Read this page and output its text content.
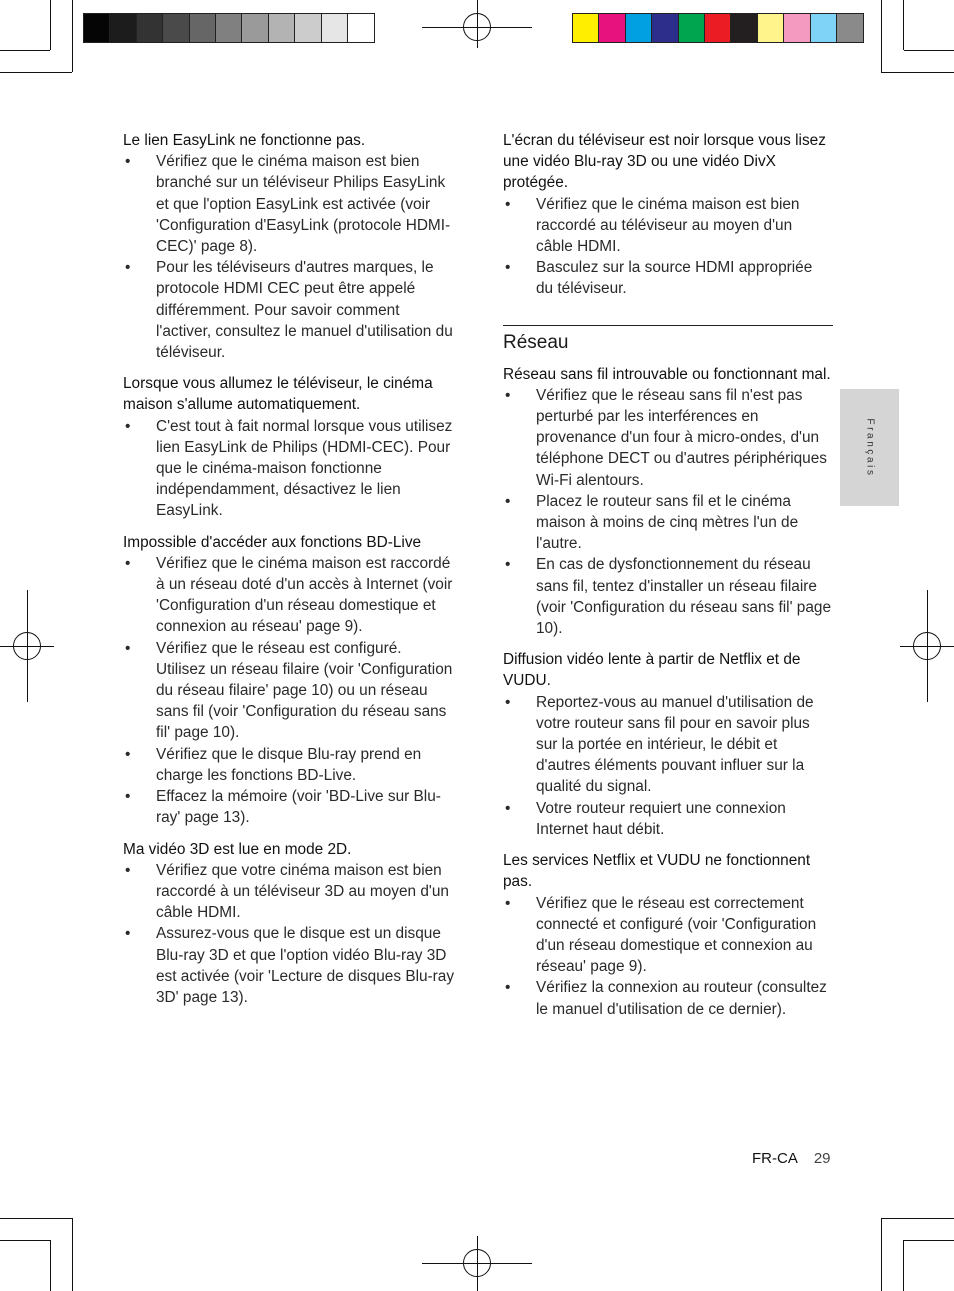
Le lien EasyLink ne fonctionne pas.
• Vérifiez que le cinéma maison est bien branché sur un téléviseur Philips EasyLink et que l'option EasyLink est activée (voir 'Configuration d'EasyLink (protocole HDMI-CEC)' page 8).
• Pour les téléviseurs d'autres marques, le protocole HDMI CEC peut être appelé différemment. Pour savoir comment l'activer, consultez le manuel d'utilisation du téléviseur.
Lorsque vous allumez le téléviseur, le cinéma maison s'allume automatiquement.
• C'est tout à fait normal lorsque vous utilisez lien EasyLink de Philips (HDMI-CEC). Pour que le cinéma-maison fonctionne indépendamment, désactivez le lien EasyLink.
Impossible d'accéder aux fonctions BD-Live
• Vérifiez que le cinéma maison est raccordé à un réseau doté d'un accès à Internet (voir 'Configuration d'un réseau domestique et connexion au réseau' page 9).
• Vérifiez que le réseau est configuré. Utilisez un réseau filaire (voir 'Configuration du réseau filaire' page 10) ou un réseau sans fil (voir 'Configuration du réseau sans fil' page 10).
• Vérifiez que le disque Blu-ray prend en charge les fonctions BD-Live.
• Effacez la mémoire (voir 'BD-Live sur Blu-ray' page 13).
Ma vidéo 3D est lue en mode 2D.
• Vérifiez que votre cinéma maison est bien raccordé à un téléviseur 3D au moyen d'un câble HDMI.
• Assurez-vous que le disque est un disque Blu-ray 3D et que l'option vidéo Blu-ray 3D est activée (voir 'Lecture de disques Blu-ray 3D' page 13).
L'écran du téléviseur est noir lorsque vous lisez une vidéo Blu-ray 3D ou une vidéo DivX protégée.
• Vérifiez que le cinéma maison est bien raccordé au téléviseur au moyen d'un câble HDMI.
• Basculez sur la source HDMI appropriée du téléviseur.
Réseau
Réseau sans fil introuvable ou fonctionnant mal.
• Vérifiez que le réseau sans fil n'est pas perturbé par les interférences en provenance d'un four à micro-ondes, d'un téléphone DECT ou d'autres périphériques Wi-Fi alentours.
• Placez le routeur sans fil et le cinéma maison à moins de cinq mètres l'un de l'autre.
• En cas de dysfonctionnement du réseau sans fil, tentez d'installer un réseau filaire (voir 'Configuration du réseau sans fil' page 10).
Diffusion vidéo lente à partir de Netflix et de VUDU.
• Reportez-vous au manuel d'utilisation de votre routeur sans fil pour en savoir plus sur la portée en intérieur, le débit et d'autres éléments pouvant influer sur la qualité du signal.
• Votre routeur requiert une connexion Internet haut débit.
Les services Netflix et VUDU ne fonctionnent pas.
• Vérifiez que le réseau est correctement connecté et configuré (voir 'Configuration d'un réseau domestique et connexion au réseau' page 9).
• Vérifiez la connexion au routeur (consultez le manuel d'utilisation de ce dernier).
Français
FR-CA 29
